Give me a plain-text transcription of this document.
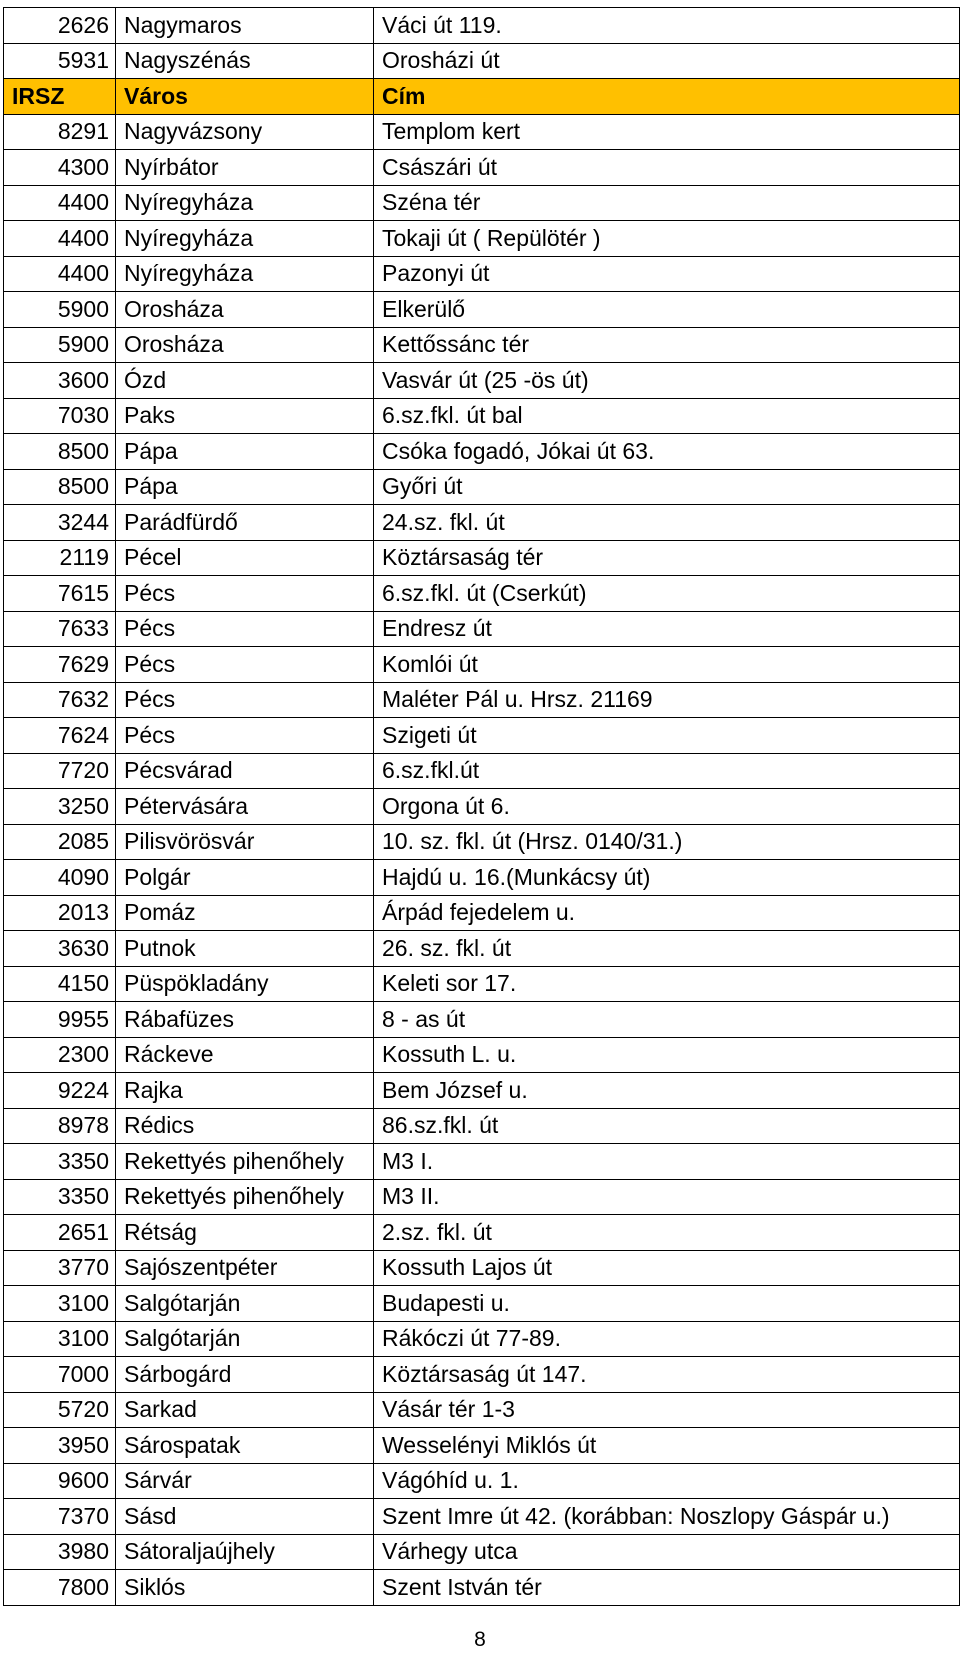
2626	Nagymaros	Váci út 119.
5931	Nagyszénás	Orosházi út
IRSZ	Város	Cím
8291	Nagyvázsony	Templom kert
4300	Nyírbátor	Császári út
4400	Nyíregyháza	Széna tér
4400	Nyíregyháza	Tokaji út ( Repülötér )
4400	Nyíregyháza	Pazonyi út
5900	Orosháza	Elkerülő
5900	Orosháza	Kettőssánc tér
3600	Ózd	Vasvár út (25 -ös út)
7030	Paks	6.sz.fkl. út bal
8500	Pápa	Csóka fogadó, Jókai út 63.
8500	Pápa	Győri út
3244	Parádfürdő	24.sz. fkl. út
2119	Pécel	Köztársaság tér
7615	Pécs	6.sz.fkl. út (Cserkút)
7633	Pécs	Endresz út
7629	Pécs	Komlói út
7632	Pécs	Maléter Pál u. Hrsz. 21169
7624	Pécs	Szigeti út
7720	Pécsvárad	6.sz.fkl.út
3250	Pétervására	Orgona út 6.
2085	Pilisvörösvár	10. sz. fkl. út (Hrsz. 0140/31.)
4090	Polgár	Hajdú u. 16.(Munkácsy út)
2013	Pomáz	Árpád fejedelem u.
3630	Putnok	26. sz. fkl. út
4150	Püspökladány	Keleti sor 17.
9955	Rábafüzes	8 - as út
2300	Ráckeve	Kossuth L. u.
9224	Rajka	Bem József u.
8978	Rédics	86.sz.fkl. út
3350	Rekettyés pihenőhely	M3 I.
3350	Rekettyés pihenőhely	M3 II.
2651	Rétság	2.sz. fkl. út
3770	Sajószentpéter	Kossuth Lajos út
3100	Salgótarján	Budapesti u.
3100	Salgótarján	Rákóczi út 77-89.
7000	Sárbogárd	Köztársaság út 147.
5720	Sarkad	Vásár tér 1-3
3950	Sárospatak	Wesselényi Miklós út
9600	Sárvár	Vágóhíd u. 1.
7370	Sásd	Szent Imre út 42. (korábban: Noszlopy Gáspár u.)
3980	Sátoraljaújhely	Várhegy utca
7800	Siklós	Szent István tér
8
